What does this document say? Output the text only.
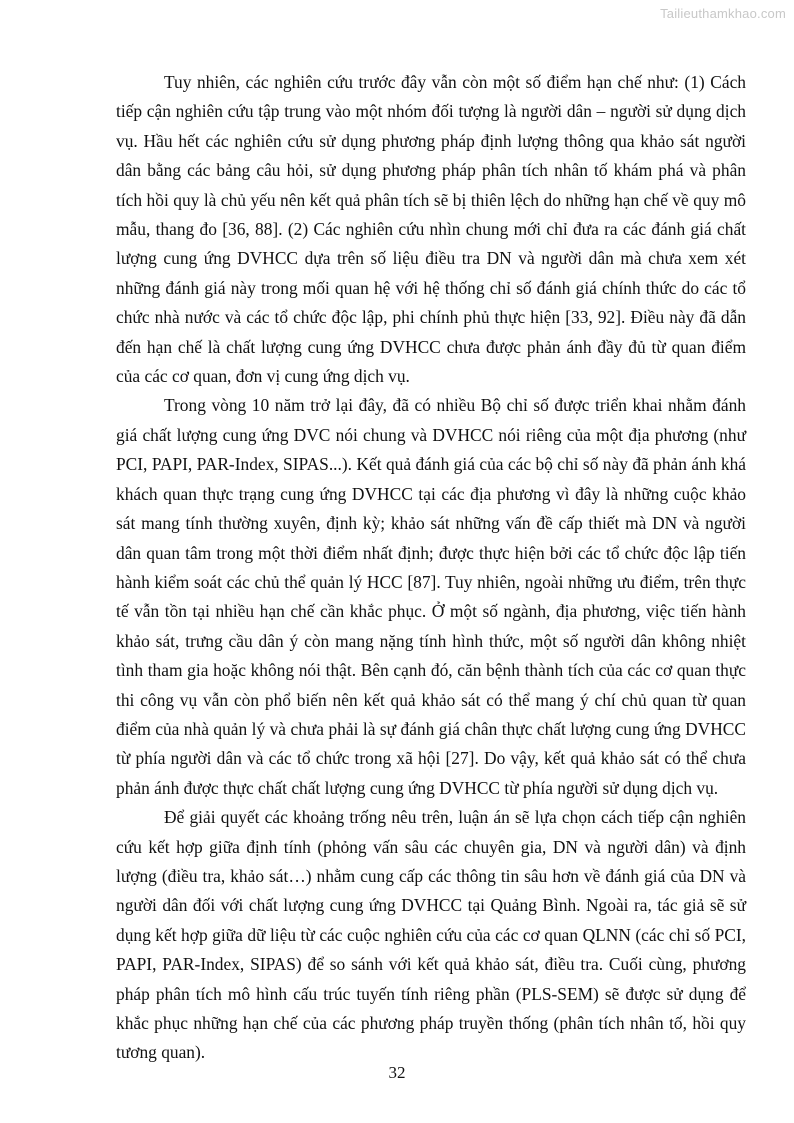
Tailieuthamkhao.com

Tuy nhiên, các nghiên cứu trước đây vẫn còn một số điểm hạn chế như: (1) Cách tiếp cận nghiên cứu tập trung vào một nhóm đối tượng là người dân – người sử dụng dịch vụ. Hầu hết các nghiên cứu sử dụng phương pháp định lượng thông qua khảo sát người dân bằng các bảng câu hỏi, sử dụng phương pháp phân tích nhân tố khám phá và phân tích hồi quy là chủ yếu nên kết quả phân tích sẽ bị thiên lệch do những hạn chế về quy mô mẫu, thang đo [36, 88]. (2) Các nghiên cứu nhìn chung mới chỉ đưa ra các đánh giá chất lượng cung ứng DVHCC dựa trên số liệu điều tra DN và người dân mà chưa xem xét những đánh giá này trong mối quan hệ với hệ thống chỉ số đánh giá chính thức do các tổ chức nhà nước và các tổ chức độc lập, phi chính phủ thực hiện [33, 92]. Điều này đã dẫn đến hạn chế là chất lượng cung ứng DVHCC chưa được phản ánh đầy đủ từ quan điểm của các cơ quan, đơn vị cung ứng dịch vụ.

Trong vòng 10 năm trở lại đây, đã có nhiều Bộ chỉ số được triển khai nhằm đánh giá chất lượng cung ứng DVC nói chung và DVHCC nói riêng của một địa phương (như PCI, PAPI, PAR-Index, SIPAS...). Kết quả đánh giá của các bộ chỉ số này đã phản ánh khá khách quan thực trạng cung ứng DVHCC tại các địa phương vì đây là những cuộc khảo sát mang tính thường xuyên, định kỳ; khảo sát những vấn đề cấp thiết mà DN và người dân quan tâm trong một thời điểm nhất định; được thực hiện bởi các tổ chức độc lập tiến hành kiểm soát các chủ thể quản lý HCC [87]. Tuy nhiên, ngoài những ưu điểm, trên thực tế vẫn tồn tại nhiều hạn chế cần khắc phục. Ở một số ngành, địa phương, việc tiến hành khảo sát, trưng cầu dân ý còn mang nặng tính hình thức, một số người dân không nhiệt tình tham gia hoặc không nói thật. Bên cạnh đó, căn bệnh thành tích của các cơ quan thực thi công vụ vẫn còn phổ biến nên kết quả khảo sát có thể mang ý chí chủ quan từ quan điểm của nhà quản lý và chưa phải là sự đánh giá chân thực chất lượng cung ứng DVHCC từ phía người dân và các tổ chức trong xã hội [27]. Do vậy, kết quả khảo sát có thể chưa phản ánh được thực chất chất lượng cung ứng DVHCC từ phía người sử dụng dịch vụ.

Để giải quyết các khoảng trống nêu trên, luận án sẽ lựa chọn cách tiếp cận nghiên cứu kết hợp giữa định tính (phỏng vấn sâu các chuyên gia, DN và người dân) và định lượng (điều tra, khảo sát…) nhằm cung cấp các thông tin sâu hơn về đánh giá của DN và người dân đối với chất lượng cung ứng DVHCC tại Quảng Bình. Ngoài ra, tác giả sẽ sử dụng kết hợp giữa dữ liệu từ các cuộc nghiên cứu của các cơ quan QLNN (các chỉ số PCI, PAPI, PAR-Index, SIPAS) để so sánh với kết quả khảo sát, điều tra. Cuối cùng, phương pháp phân tích mô hình cấu trúc tuyến tính riêng phần (PLS-SEM) sẽ được sử dụng để khắc phục những hạn chế của các phương pháp truyền thống (phân tích nhân tố, hồi quy tương quan).

32
